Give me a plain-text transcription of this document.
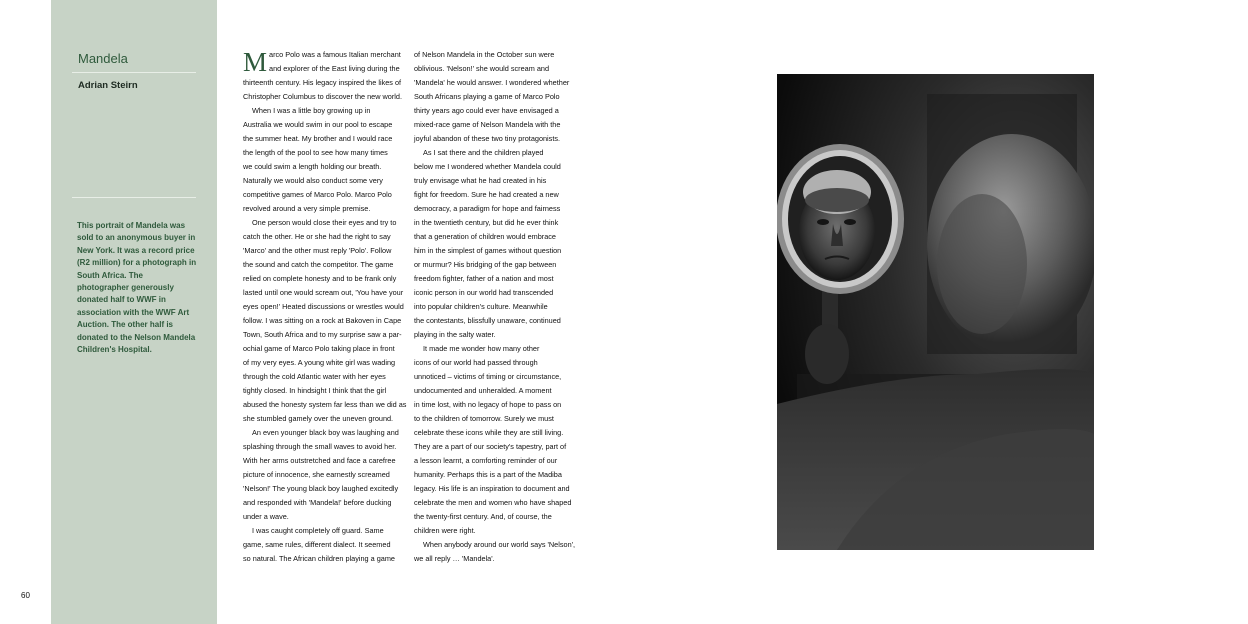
Mandela
Adrian Steirn
This portrait of Mandela was sold to an anonymous buyer in New York. It was a record price (R2 million) for a photograph in South Africa. The photographer generously donated half to WWF in association with the WWF Art Auction. The other half is donated to the Nelson Mandela Children's Hospital.
60
M arco Polo was a famous Italian merchant
and explorer of the East living during the
thirteenth century. His legacy inspired the likes of
Christopher Columbus to discover the new world.
When I was a little boy growing up in
Australia we would swim in our pool to escape
the summer heat. My brother and I would race
the length of the pool to see how many times
we could swim a length holding our breath.
Naturally we would also conduct some very
competitive games of Marco Polo. Marco Polo
revolved around a very simple premise.
One person would close their eyes and try to
catch the other. He or she had the right to say
'Marco' and the other must reply 'Polo'. Follow
the sound and catch the competitor. The game
relied on complete honesty and to be frank only
lasted until one would scream out, 'You have your
eyes open!' Heated discussions or wrestles would
follow. I was sitting on a rock at Bakoven in Cape
Town, South Africa and to my surprise saw a par-
ochial game of Marco Polo taking place in front
of my very eyes. A young white girl was wading
through the cold Atlantic water with her eyes
tightly closed. In hindsight I think that the girl
abused the honesty system far less than we did as
she stumbled gamely over the uneven ground.
An even younger black boy was laughing and
splashing through the small waves to avoid her.
With her arms outstretched and face a carefree
picture of innocence, she earnestly screamed
'Nelson!' The young black boy laughed excitedly
and responded with 'Mandela!' before ducking
under a wave.
I was caught completely off guard. Same
game, same rules, different dialect. It seemed
so natural. The African children playing a game
of Nelson Mandela in the October sun were
oblivious. 'Nelson!' she would scream and
'Mandela' he would answer. I wondered whether
South Africans playing a game of Marco Polo
thirty years ago could ever have envisaged a
mixed-race game of Nelson Mandela with the
joyful abandon of these two tiny protagonists.
As I sat there and the children played
below me I wondered whether Mandela could
truly envisage what he had created in his
fight for freedom. Sure he had created a new
democracy, a paradigm for hope and fairness
in the twentieth century, but did he ever think
that a generation of children would embrace
him in the simplest of games without question
or murmur? His bridging of the gap between
freedom fighter, father of a nation and most
iconic person in our world had transcended
into popular children's culture. Meanwhile
the contestants, blissfully unaware, continued
playing in the salty water.
It made me wonder how many other
icons of our world had passed through
unnoticed – victims of timing or circumstance,
undocumented and unheralded. A moment
in time lost, with no legacy of hope to pass on
to the children of tomorrow. Surely we must
celebrate these icons while they are still living.
They are a part of our society's tapestry, part of
a lesson learnt, a comforting reminder of our
humanity. Perhaps this is a part of the Madiba
legacy. His life is an inspiration to document and
celebrate the men and women who have shaped
the twenty-first century. And, of course, the
children were right.
When anybody around our world says 'Nelson',
we all reply … 'Mandela'.
